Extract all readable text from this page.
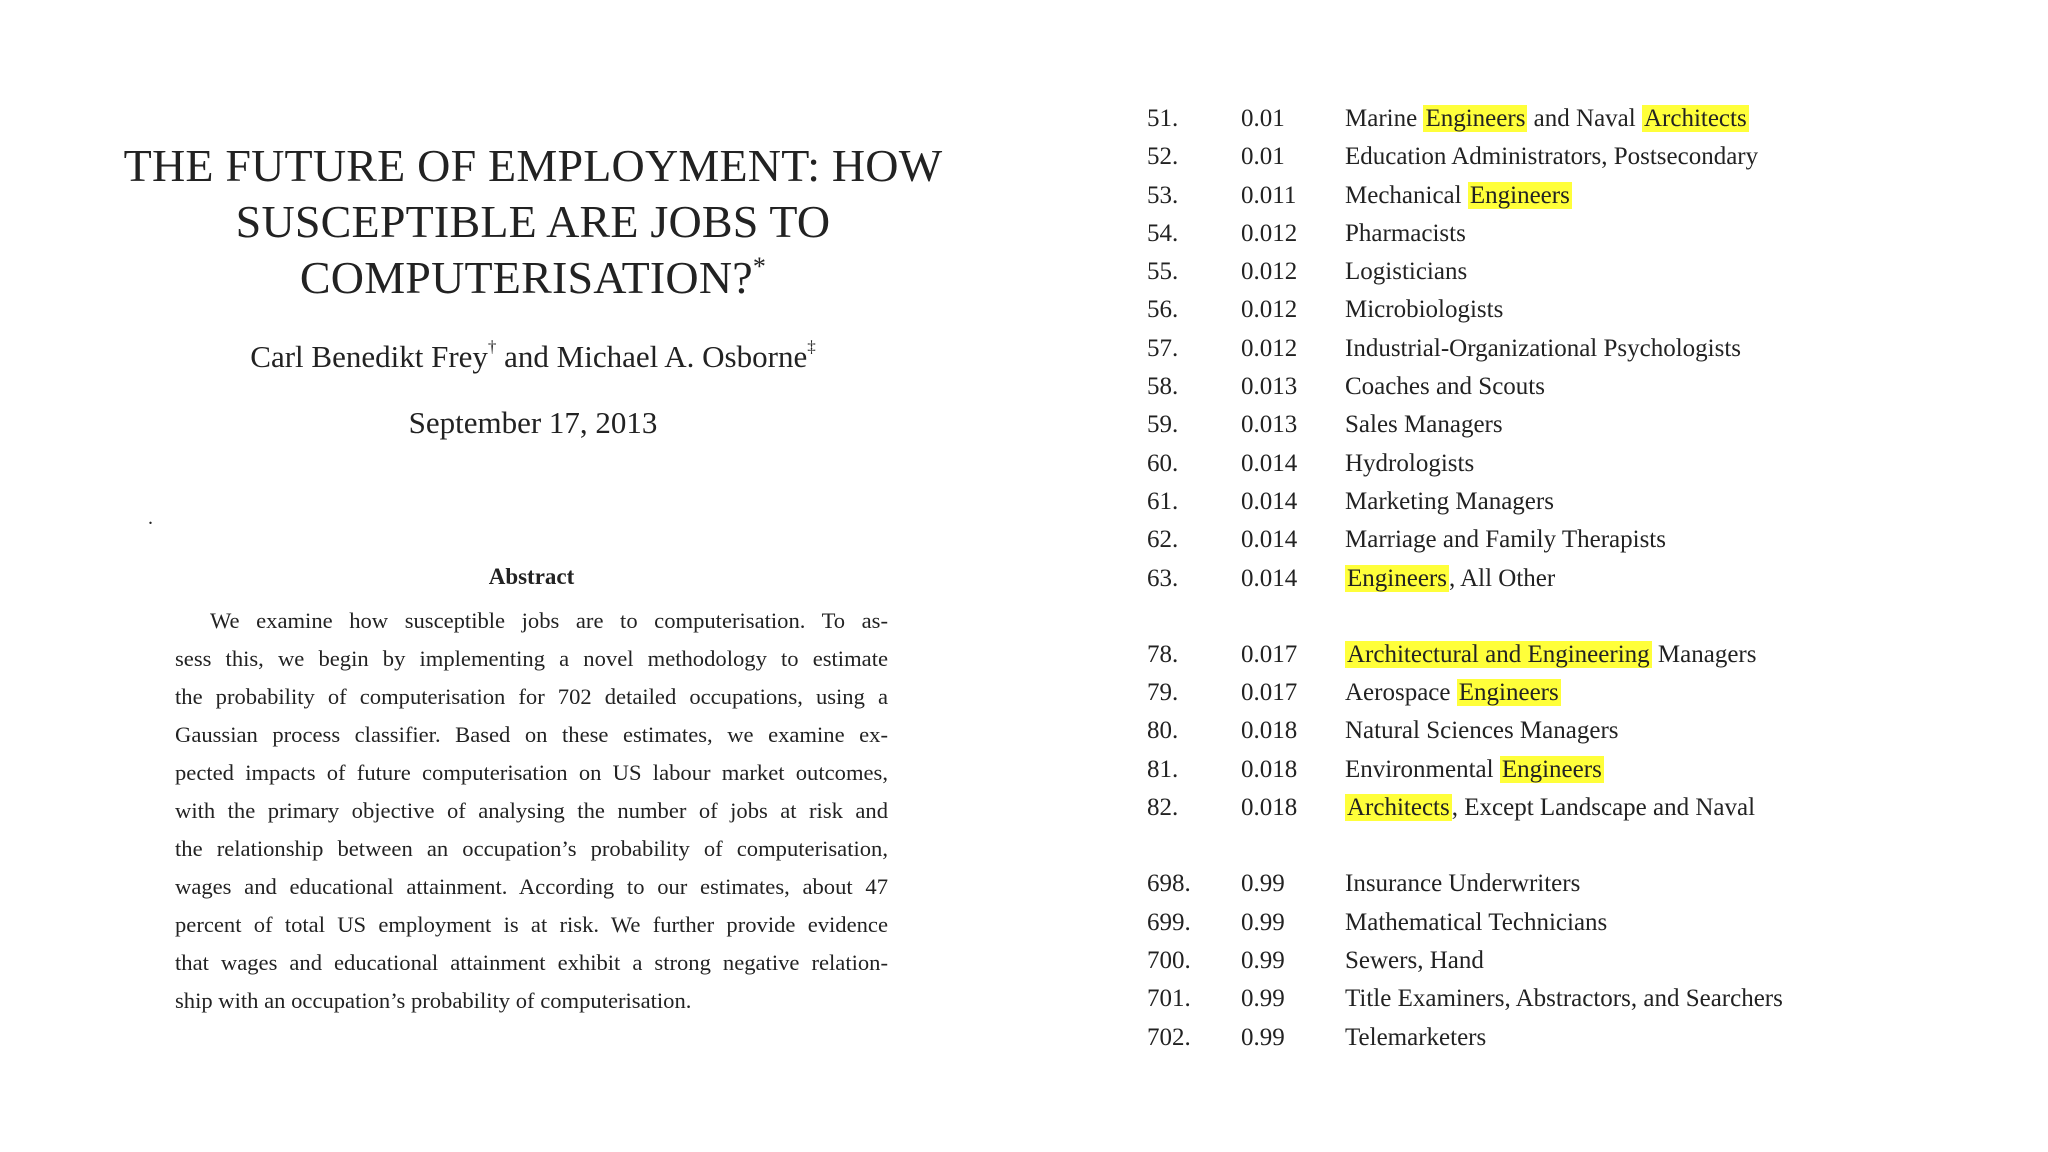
THE FUTURE OF EMPLOYMENT: HOW
SUSCEPTIBLE ARE JOBS TO
COMPUTERISATION?*
Carl Benedikt Frey† and Michael A. Osborne‡
September 17, 2013
.
Abstract
We examine how susceptible jobs are to computerisation. To as-
sess this, we begin by implementing a novel methodology to estimate
the probability of computerisation for 702 detailed occupations, using a
Gaussian process classifier. Based on these estimates, we examine ex-
pected impacts of future computerisation on US labour market outcomes,
with the primary objective of analysing the number of jobs at risk and
the relationship between an occupation’s probability of computerisation,
wages and educational attainment. According to our estimates, about 47
percent of total US employment is at risk. We further provide evidence
that wages and educational attainment exhibit a strong negative relation-
ship with an occupation’s probability of computerisation.
51.	0.01 Marine Engineers and Naval Architects
52.	0.01 Education Administrators, Postsecondary
53.	0.011 Mechanical Engineers
54.	0.012 Pharmacists
55.	0.012 Logisticians
56.	0.012 Microbiologists
57.	0.012 Industrial-Organizational Psychologists
58.	0.013 Coaches and Scouts
59.	0.013 Sales Managers
60.	0.014 Hydrologists
61.	0.014 Marketing Managers
62.	0.014 Marriage and Family Therapists
63.	0.014 Engineers, All Other
78.	0.017 Architectural and Engineering Managers
79.	0.017 Aerospace Engineers
80.	0.018 Natural Sciences Managers
81.	0.018 Environmental Engineers
82.	0.018 Architects, Except Landscape and Naval
698. 0.99 Insurance Underwriters
699. 0.99 Mathematical Technicians
700. 0.99 Sewers, Hand
701. 0.99 Title Examiners, Abstractors, and Searchers
702. 0.99 Telemarketers
